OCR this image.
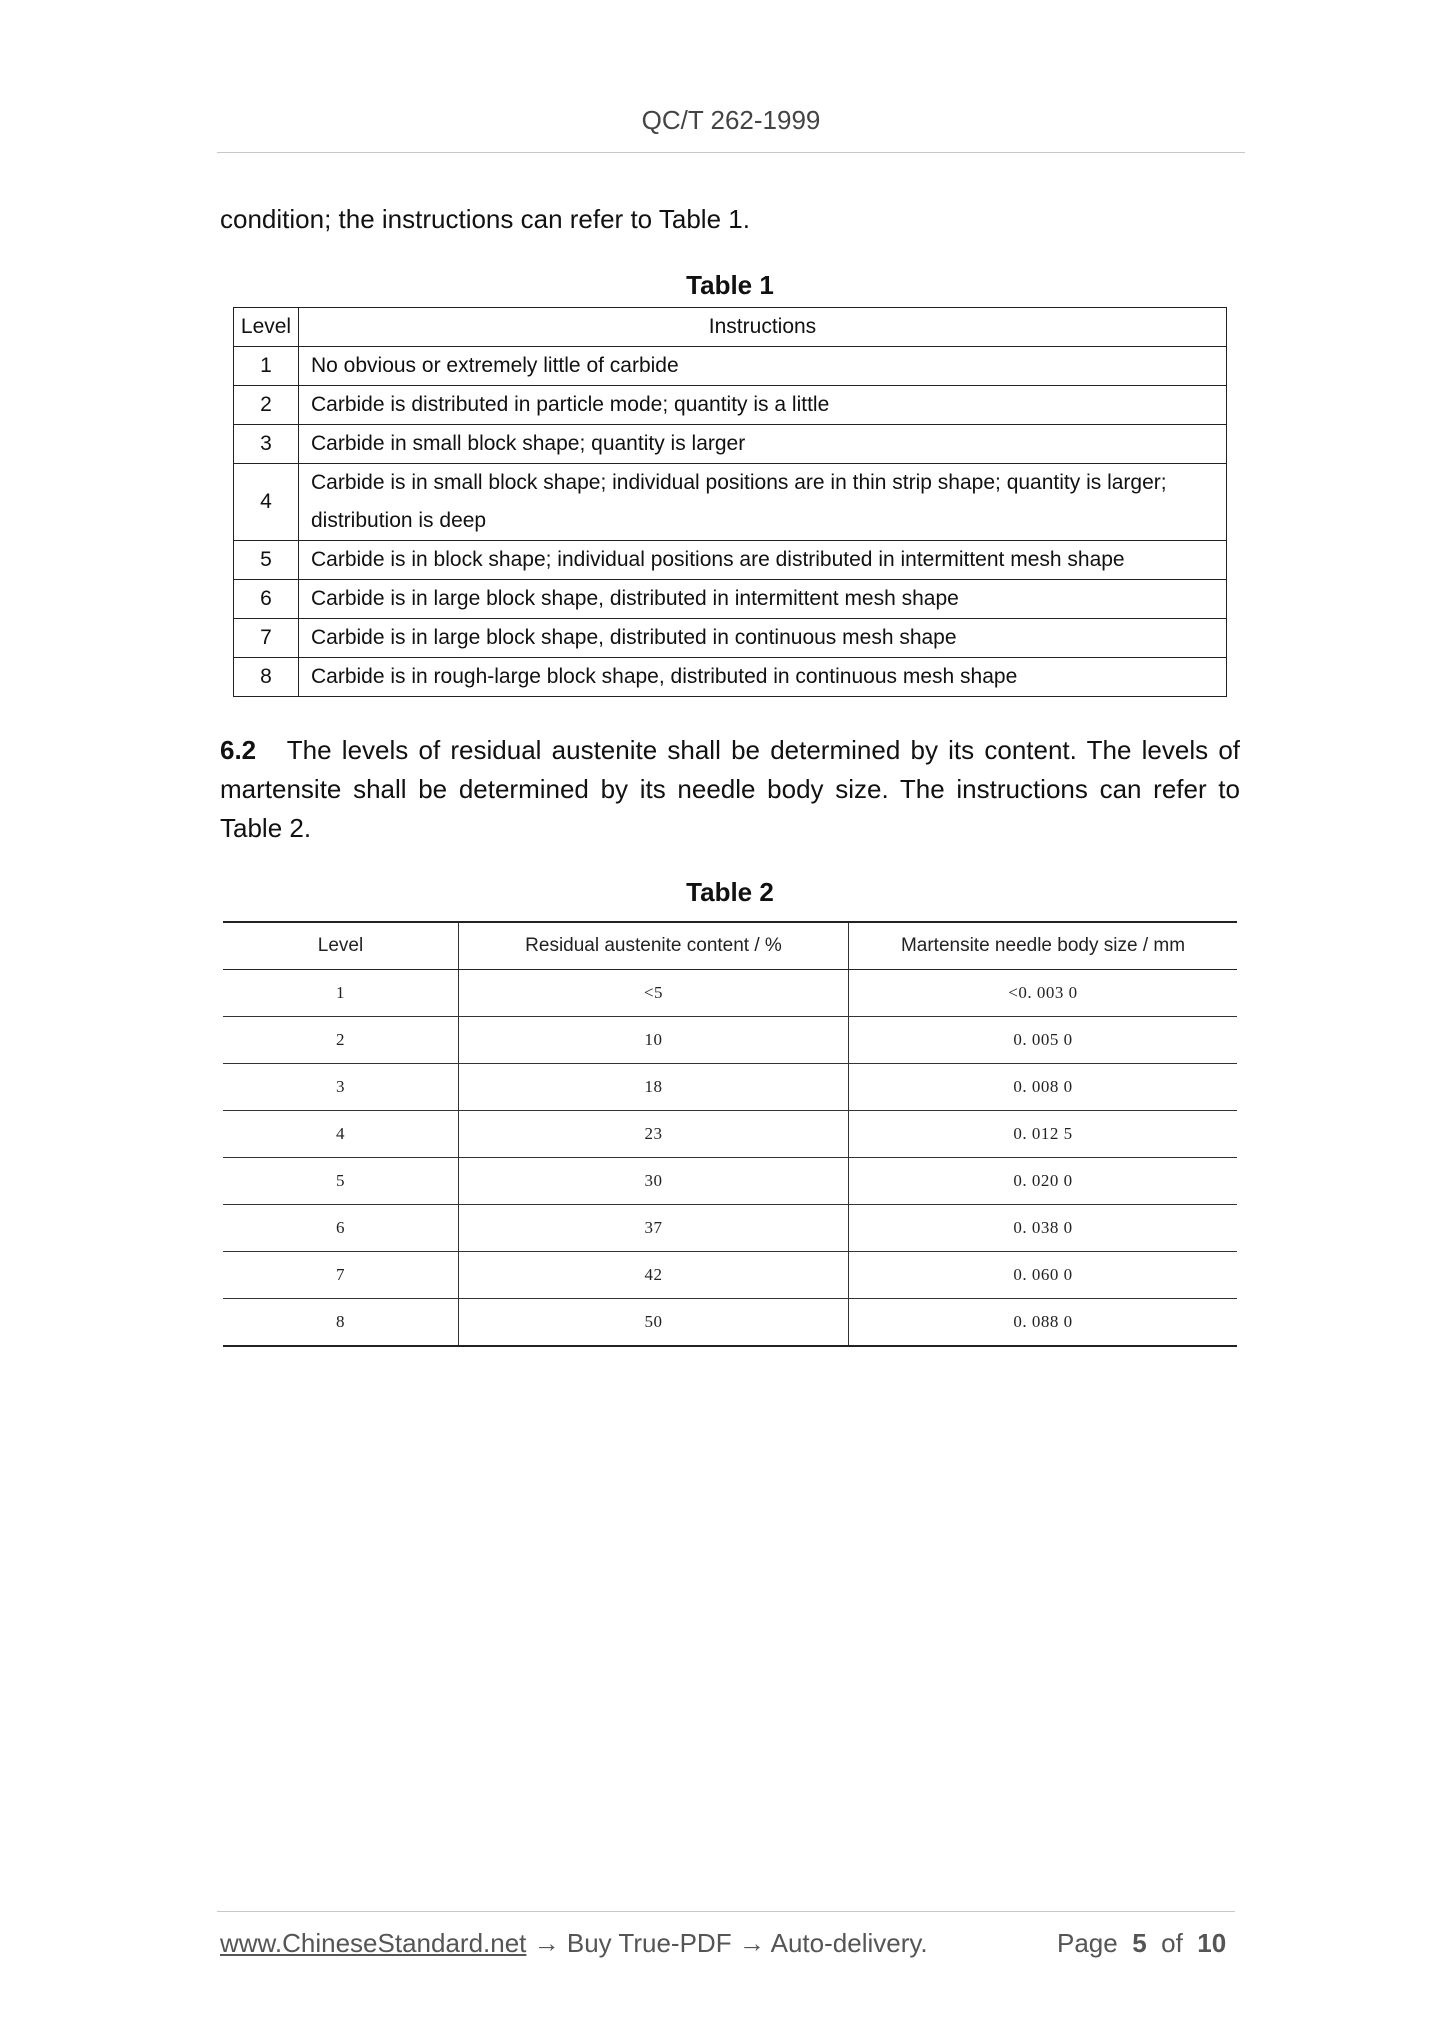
QC/T 262-1999
condition; the instructions can refer to Table 1.
Table 1
Level	Instructions
1	No obvious or extremely little of carbide
2	Carbide is distributed in particle mode; quantity is a little
3	Carbide in small block shape; quantity is larger
4	Carbide is in small block shape; individual positions are in thin strip shape; quantity is larger; distribution is deep
5	Carbide is in block shape; individual positions are distributed in intermittent mesh shape
6	Carbide is in large block shape, distributed in intermittent mesh shape
7	Carbide is in large block shape, distributed in continuous mesh shape
8	Carbide is in rough-large block shape, distributed in continuous mesh shape
6.2 The levels of residual austenite shall be determined by its content. The levels of martensite shall be determined by its needle body size. The instructions can refer to Table 2.
Table 2
Level	Residual austenite content / %	Martensite needle body size / mm
1	<5	<0. 003 0
2	10	0. 005 0
3	18	0. 008 0
4	23	0. 012 5
5	30	0. 020 0
6	37	0. 038 0
7	42	0. 060 0
8	50	0. 088 0
www.ChineseStandard.net → Buy True-PDF → Auto-delivery.	Page 5 of 10
